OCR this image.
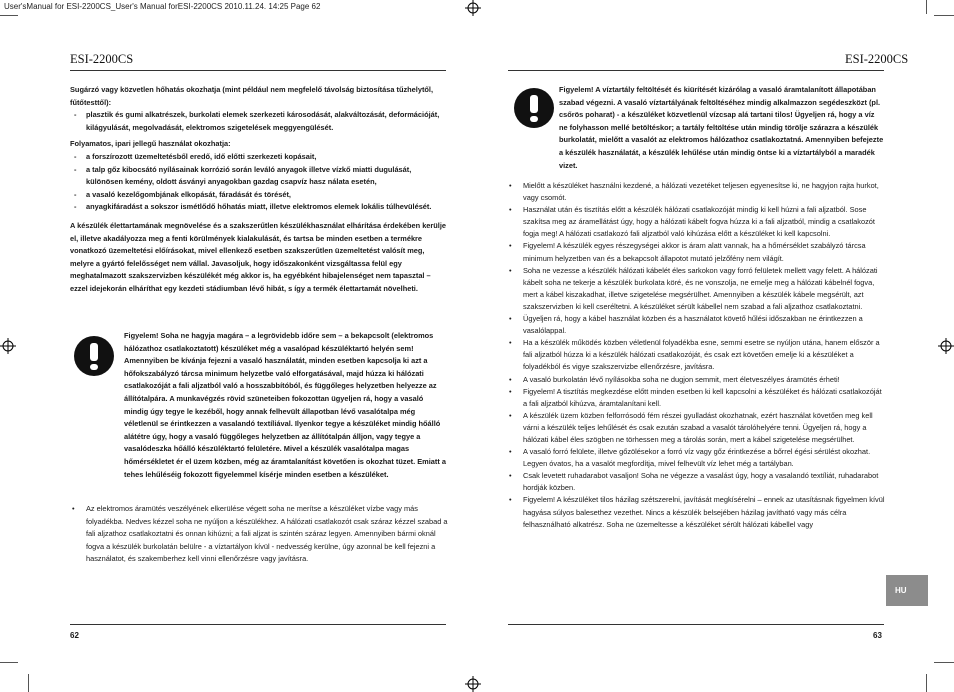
User'sManual for ESI-2200CS_User's Manual forESI-2200CS 2010.11.24. 14:25 Page 62
ESI-2200CS

Sugárzó vagy közvetlen hőhatás okozhatja (mint például nem megfelelő távolság biztosítása tűzhelytől, fűtőtesttől):

- plasztik és gumi alkatrészek, burkolati elemek szerkezeti károsodását, alakváltozását, deformációját, kilágyulását, megolvadását, elektromos szigetelések meggyengülését.

Folyamatos, ipari jellegű használat okozhatja:

- a forszírozott üzemeltetésből eredő, idő előtti szerkezeti kopásait,

- a talp gőz kibocsátó nyílásainak korrózió során leváló anyagok illetve vízkő miatti dugulását, különösen kemény, oldott ásványi anyagokban gazdag csapvíz hasz nálata esetén,

- a vasaló kezelőgombjának elkopását, fáradását és törését,

- anyagkifáradást a sokszor ismétlődő hőhatás miatt, illetve elektromos elemek lokális túlhevülését.

A készülék élettartamának megnövelése és a szakszerűtlen készülékhasználat elhárítása érdekében kerülje el, illetve akadályozza meg a fenti körülmények kialakulását, és tartsa be minden esetben a termékre vonatkozó üzemeltetési előírásokat, mivel ellenkező esetben szakszerűtlen üzemeltetést valósít meg, melyre a gyártó felelősséget nem vállal. Javasoljuk, hogy időszakonként vizsgáltassa felül egy meghatalmazott szakszervizben készülékét még akkor is, ha egyébként hibajelenséget nem tapasztal – ezzel idejekorán elháríthat egy kezdeti stádiumban lévő hibát, s így a termék élettartamát növelheti.

Figyelem! Soha ne hagyja magára – a legrövidebb időre sem – a bekapcsolt (elektromos hálózathoz csatlakoztatott) készüléket még a vasalópad készüléktartó helyén sem! Amennyiben be kívánja fejezni a vasaló használatát, minden esetben kapcsolja ki azt a hőfokszabályzó tárcsa minimum helyzetbe való elforgatásával, majd húzza ki hálózati csatlakozóját a fali aljzatból való a hosszabbítóból, és függőleges helyzetben helyezze az állítótalpára. A munkavégzés rövid szüneteiben fokozottan ügyeljen rá, hogy a vasaló mindig úgy tegye le kezéből, hogy annak felhevült állapotban lévő vasalótalpa még véletlenül se érintkezzen a vasalandó textíliával. Ilyenkor tegye a készüléket mindig hőálló alátétre úgy, hogy a vasaló függőleges helyzetben az állítótalpán álljon, vagy tegye a vasalódeszka hőálló készüléktartó felületére. Mivel a készülék vasalótalpa magas hőmérsékletet ér el üzem közben, még az áramtalanítást követően is okozhat tüzet. Emiatt a tehes lehűléséig fokozott figyelemmel kísérje minden esetben a készüléket.

• Az elektromos áramütés veszélyének elkerülése végett soha ne merítse a készüléket vízbe vagy más folyadékba. Nedves kézzel soha ne nyúljon a készülékhez. A hálózati csatlakozót csak száraz kézzel szabad a fali aljzathoz csatlakoztatni és onnan kihúzni; a fali aljzat is szintén száraz legyen. Amennyiben bármi oknál fogva a készülék burkolatán belülre - a víztartályon kívül - nedvesség kerülne, úgy azonnal be kell fejezni a használatot, és szakemberhez kell vinni ellenőrzésre vagy javításra.

62
ESI-2200CS
Figyelem! A víztartály feltöltését és kiürítését kizárólag a vasaló áramtalanított állapotában szabad végezni. A vasaló víztartályának feltöltéséhez mindig alkalmazzon segédeszközt (pl. csőrös poharat) - a készüléket közvetlenül vízcsap alá tartani tilos! Ügyeljen rá, hogy a víz ne folyhasson mellé betöltéskor; a tartály feltöltése után mindig törölje szárazra a készülék burkolatát, mielőtt a vasalót az elektromos hálózathoz csatlakoztatná. Amennyiben befejezte a készülék használatát, a készülék lehűlése után mindig öntse ki a víztartályból a maradék vizet.

• Mielőtt a készüléket használni kezdené, a hálózati vezetéket teljesen egyenesítse ki, ne hagyjon rajta hurkot, vagy csomót.

• Használat után és tisztítás előtt a készülék hálózati csatlakozóját mindig ki kell húzni a fali aljzatból. Sose szakítsa meg az áramellátást úgy, hogy a hálózati kábelt fogva húzza ki a fali aljzatból, mindig a csatlakozót fogja meg! A hálózati csatlakozó fali aljzatból való kihúzása előtt a készüléket ki kell kapcsolni.

• Figyelem! A készülék egyes részegységei akkor is áram alatt vannak, ha a hőmérséklet szabályzó tárcsa minimum helyzetben van és a bekapcsolt állapotot mutató jelzőfény nem világít.

• Soha ne vezesse a készülék hálózati kábelét éles sarkokon vagy forró felületek mellett vagy felett. A hálózati kábelt soha ne tekerje a készülék burkolata köré, és ne vonszolja, ne emelje meg a hálózati kábelnél fogva, mert a kábel kiszakadhat, illetve szigetelése megsérülhet. Amennyiben a készülék kábele megsérült, azt szakszervizben ki kell cseréltetni. A készüléket sérült kábellel nem szabad a fali aljzathoz csatlakoztatni.

• Ügyeljen rá, hogy a kábel használat közben és a használatot követő hűlési időszakban ne érintkezzen a vasalólappal.

• Ha a készülék működés közben véletlenül folyadékba esne, semmi esetre se nyúljon utána, hanem először a fali aljzatból húzza ki a készülék hálózati csatlakozóját, és csak ezt követően emelje ki a készüléket a folyadékból és vigye szakszervizbe ellenőrzésre, javításra.

• A vasaló burkolatán lévő nyílásokba soha ne dugjon semmit, mert életveszélyes áramütés érheti!

• Figyelem! A tisztítás megkezdése előtt minden esetben ki kell kapcsolni a készüléket és hálózati csatlakozóját a fali aljzatból kihúzva, áramtalanítani kell.

• A készülék üzem közben felforrósodó fém részei gyulladást okozhatnak, ezért használat követően meg kell várni a készülék teljes lehűlését és csak ezután szabad a vasalót tárolóhelyére tenni. Ügyeljen rá, hogy a hálózati kábel éles szögben ne törhessen meg a tárolás során, mert a kábel szigetelése megsérülhet.

• A vasaló forró felülete, illetve gőzölésekor a forró víz vagy gőz érintkezése a bőrrel égési sérülést okozhat. Legyen óvatos, ha a vasalót megfordítja, mivel felhevült víz lehet még a tartályban.

• Csak levetett ruhadarabot vasaljon! Soha ne végezze a vasalást úgy, hogy a vasalandó textíliát, ruhadarabot hordják közben.

• Figyelem! A készüléket tilos házilag szétszerelni, javítását megkísérelni – ennek az utasításnak figyelmen kívül hagyása súlyos balesethez vezethet. Nincs a készülék belsejében házilag javítható vagy más célra felhasználható alkatrész. Soha ne üzemeltesse a készüléket sérült hálózati kábellel vagy

HU
63
